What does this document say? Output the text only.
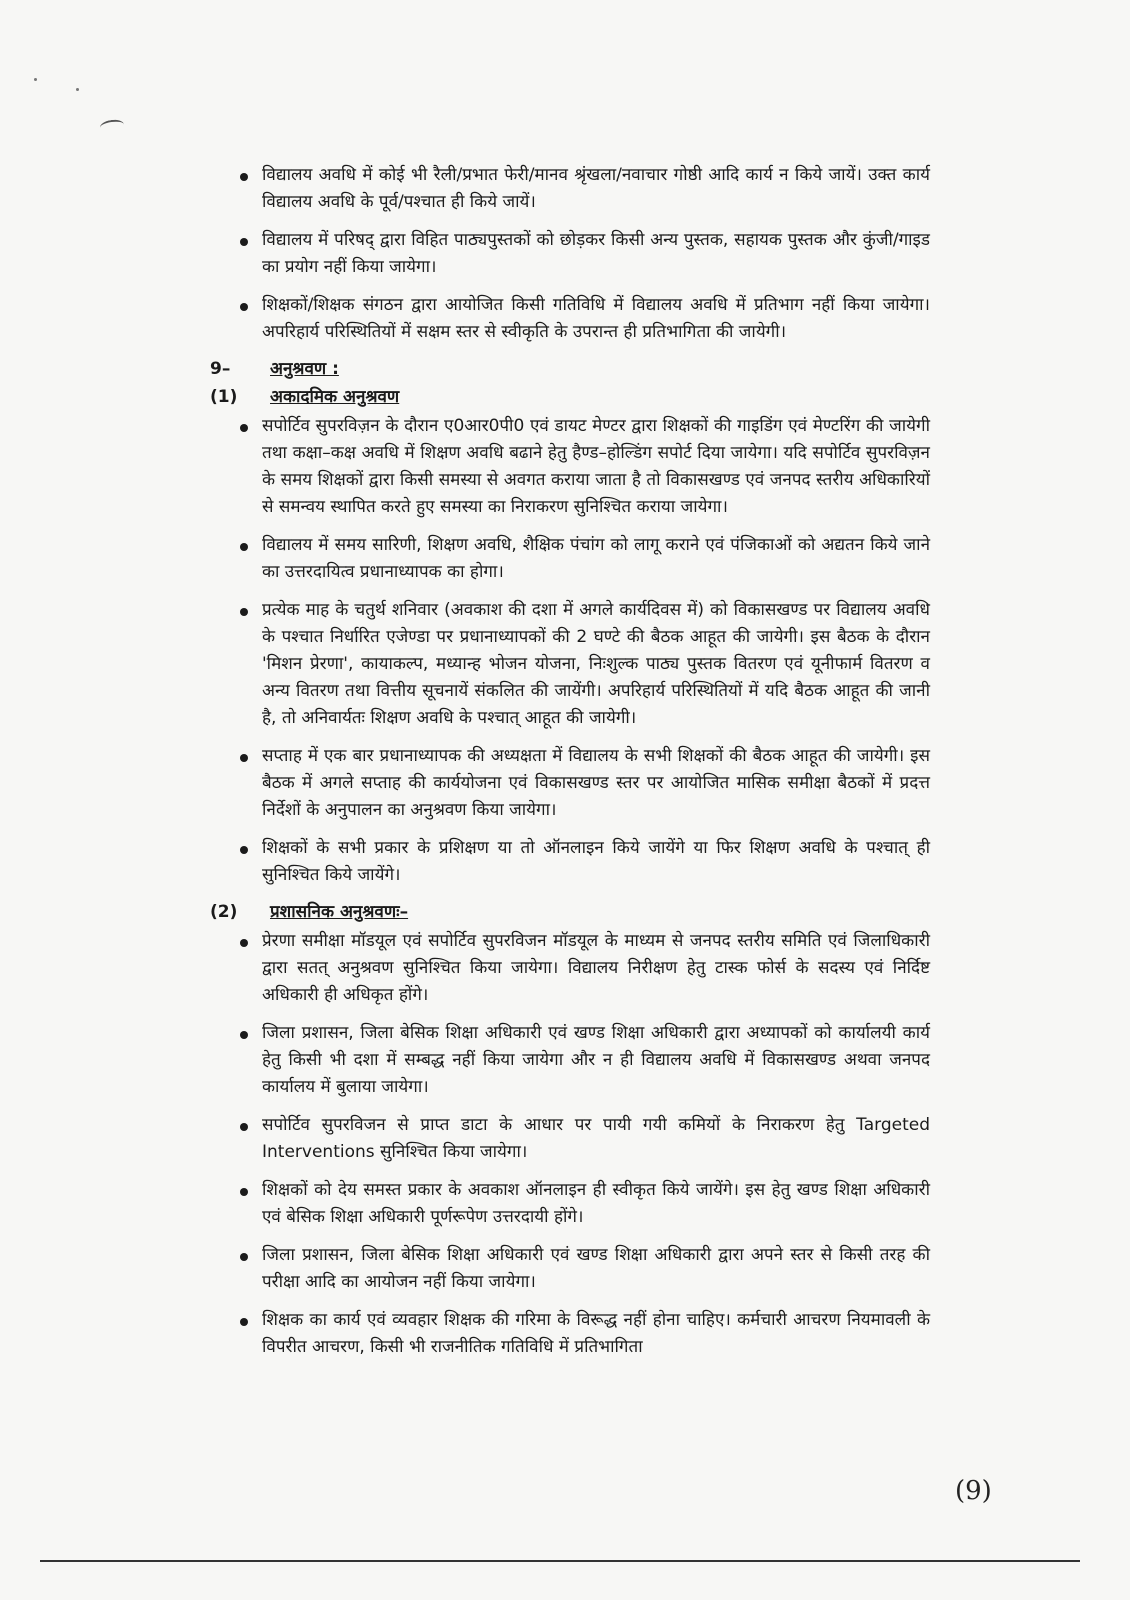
विद्यालय अवधि में कोई भी रैली/प्रभात फेरी/मानव श्रृंखला/नवाचार गोष्ठी आदि कार्य न किये जायें। उक्त कार्य विद्यालय अवधि के पूर्व/पश्चात ही किये जायें।
विद्यालय में परिषद् द्वारा विहित पाठ्यपुस्तकों को छोड़कर किसी अन्य पुस्तक, सहायक पुस्तक और कुंजी/गाइड का प्रयोग नहीं किया जायेगा।
शिक्षकों/शिक्षक संगठन द्वारा आयोजित किसी गतिविधि में विद्यालय अवधि में प्रतिभाग नहीं किया जायेगा। अपरिहार्य परिस्थितियों में सक्षम स्तर से स्वीकृति के उपरान्त ही प्रतिभागिता की जायेगी।
9–	अनुश्रवण :
(1)	अकादमिक अनुश्रवण
सपोर्टिव सुपरविज़न के दौरान ए0आर0पी0 एवं डायट मेण्टर द्वारा शिक्षकों की गाइडिंग एवं मेण्टरिंग की जायेगी तथा कक्षा–कक्ष अवधि में शिक्षण अवधि बढाने हेतु हैण्ड–होल्डिंग सपोर्ट दिया जायेगा। यदि सपोर्टिव सुपरविज़न के समय शिक्षकों द्वारा किसी समस्या से अवगत कराया जाता है तो विकासखण्ड एवं जनपद स्तरीय अधिकारियों से समन्वय स्थापित करते हुए समस्या का निराकरण सुनिश्चित कराया जायेगा।
विद्यालय में समय सारिणी, शिक्षण अवधि, शैक्षिक पंचांग को लागू कराने एवं पंजिकाओं को अद्यतन किये जाने का उत्तरदायित्व प्रधानाध्यापक का होगा।
प्रत्येक माह के चतुर्थ शनिवार (अवकाश की दशा में अगले कार्यदिवस में) को विकासखण्ड पर विद्यालय अवधि के पश्चात निर्धारित एजेण्डा पर प्रधानाध्यापकों की 2 घण्टे की बैठक आहूत की जायेगी। इस बैठक के दौरान 'मिशन प्रेरणा', कायाकल्प, मध्यान्ह भोजन योजना, निःशुल्क पाठ्य पुस्तक वितरण एवं यूनीफार्म वितरण व अन्य वितरण तथा वित्तीय सूचनायें संकलित की जायेंगी। अपरिहार्य परिस्थितियों में यदि बैठक आहूत की जानी है, तो अनिवार्यतः शिक्षण अवधि के पश्चात् आहूत की जायेगी।
सप्ताह में एक बार प्रधानाध्यापक की अध्यक्षता में विद्यालय के सभी शिक्षकों की बैठक आहूत की जायेगी। इस बैठक में अगले सप्ताह की कार्ययोजना एवं विकासखण्ड स्तर पर आयोजित मासिक समीक्षा बैठकों में प्रदत्त निर्देशों के अनुपालन का अनुश्रवण किया जायेगा।
शिक्षकों के सभी प्रकार के प्रशिक्षण या तो ऑनलाइन किये जायेंगे या फिर शिक्षण अवधि के पश्चात् ही सुनिश्चित किये जायेंगे।
(2)	प्रशासनिक अनुश्रवणः–
प्रेरणा समीक्षा मॉडयूल एवं सपोर्टिव सुपरविजन मॉडयूल के माध्यम से जनपद स्तरीय समिति एवं जिलाधिकारी द्वारा सतत् अनुश्रवण सुनिश्चित किया जायेगा। विद्यालय निरीक्षण हेतु टास्क फोर्स के सदस्य एवं निर्दिष्ट अधिकारी ही अधिकृत होंगे।
जिला प्रशासन, जिला बेसिक शिक्षा अधिकारी एवं खण्ड शिक्षा अधिकारी द्वारा अध्यापकों को कार्यालयी कार्य हेतु किसी भी दशा में सम्बद्ध नहीं किया जायेगा और न ही विद्यालय अवधि में विकासखण्ड अथवा जनपद कार्यालय में बुलाया जायेगा।
सपोर्टिव सुपरविजन से प्राप्त डाटा के आधार पर पायी गयी कमियों के निराकरण हेतु Targeted Interventions सुनिश्चित किया जायेगा।
शिक्षकों को देय समस्त प्रकार के अवकाश ऑनलाइन ही स्वीकृत किये जायेंगे। इस हेतु खण्ड शिक्षा अधिकारी एवं बेसिक शिक्षा अधिकारी पूर्णरूपेण उत्तरदायी होंगे।
जिला प्रशासन, जिला बेसिक शिक्षा अधिकारी एवं खण्ड शिक्षा अधिकारी द्वारा अपने स्तर से किसी तरह की परीक्षा आदि का आयोजन नहीं किया जायेगा।
शिक्षक का कार्य एवं व्यवहार शिक्षक की गरिमा के विरूद्ध नहीं होना चाहिए। कर्मचारी आचरण नियमावली के विपरीत आचरण, किसी भी राजनीतिक गतिविधि में प्रतिभागिता
(9)
